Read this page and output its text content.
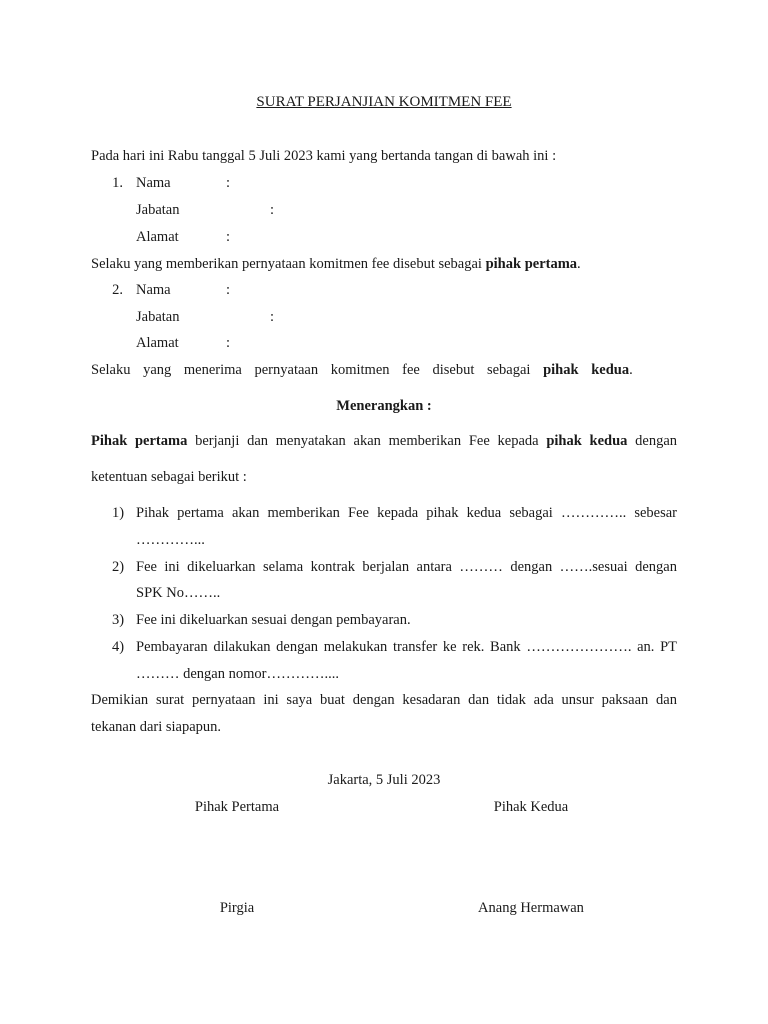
SURAT PERJANJIAN KOMITMEN FEE
Pada hari ini Rabu tanggal 5 Juli 2023 kami yang bertanda tangan di bawah ini :
1. Nama	:
Jabatan	:
Alamat	:
Selaku yang memberikan pernyataan komitmen fee disebut sebagai pihak pertama.
2. Nama	:
Jabatan	:
Alamat	:
Selaku yang menerima pernyataan komitmen fee disebut sebagai pihak kedua.
Menerangkan :
Pihak pertama berjanji dan menyatakan akan memberikan Fee kepada pihak kedua dengan
ketentuan sebagai berikut :
1) Pihak pertama akan memberikan Fee kepada pihak kedua sebagai ………….. sebesar
…………...
2) Fee ini dikeluarkan selama kontrak berjalan antara ……… dengan …….sesuai dengan
SPK No……..
3) Fee ini dikeluarkan sesuai dengan pembayaran.
4) Pembayaran dilakukan dengan melakukan transfer ke rek. Bank …………………. an. PT
……… dengan nomor…………....
Demikian surat pernyataan ini saya buat dengan kesadaran dan tidak ada unsur paksaan dan
tekanan dari siapapun.
Jakarta, 5 Juli 2023
Pihak Pertama	Pihak Kedua
Pirgia	Anang Hermawan
